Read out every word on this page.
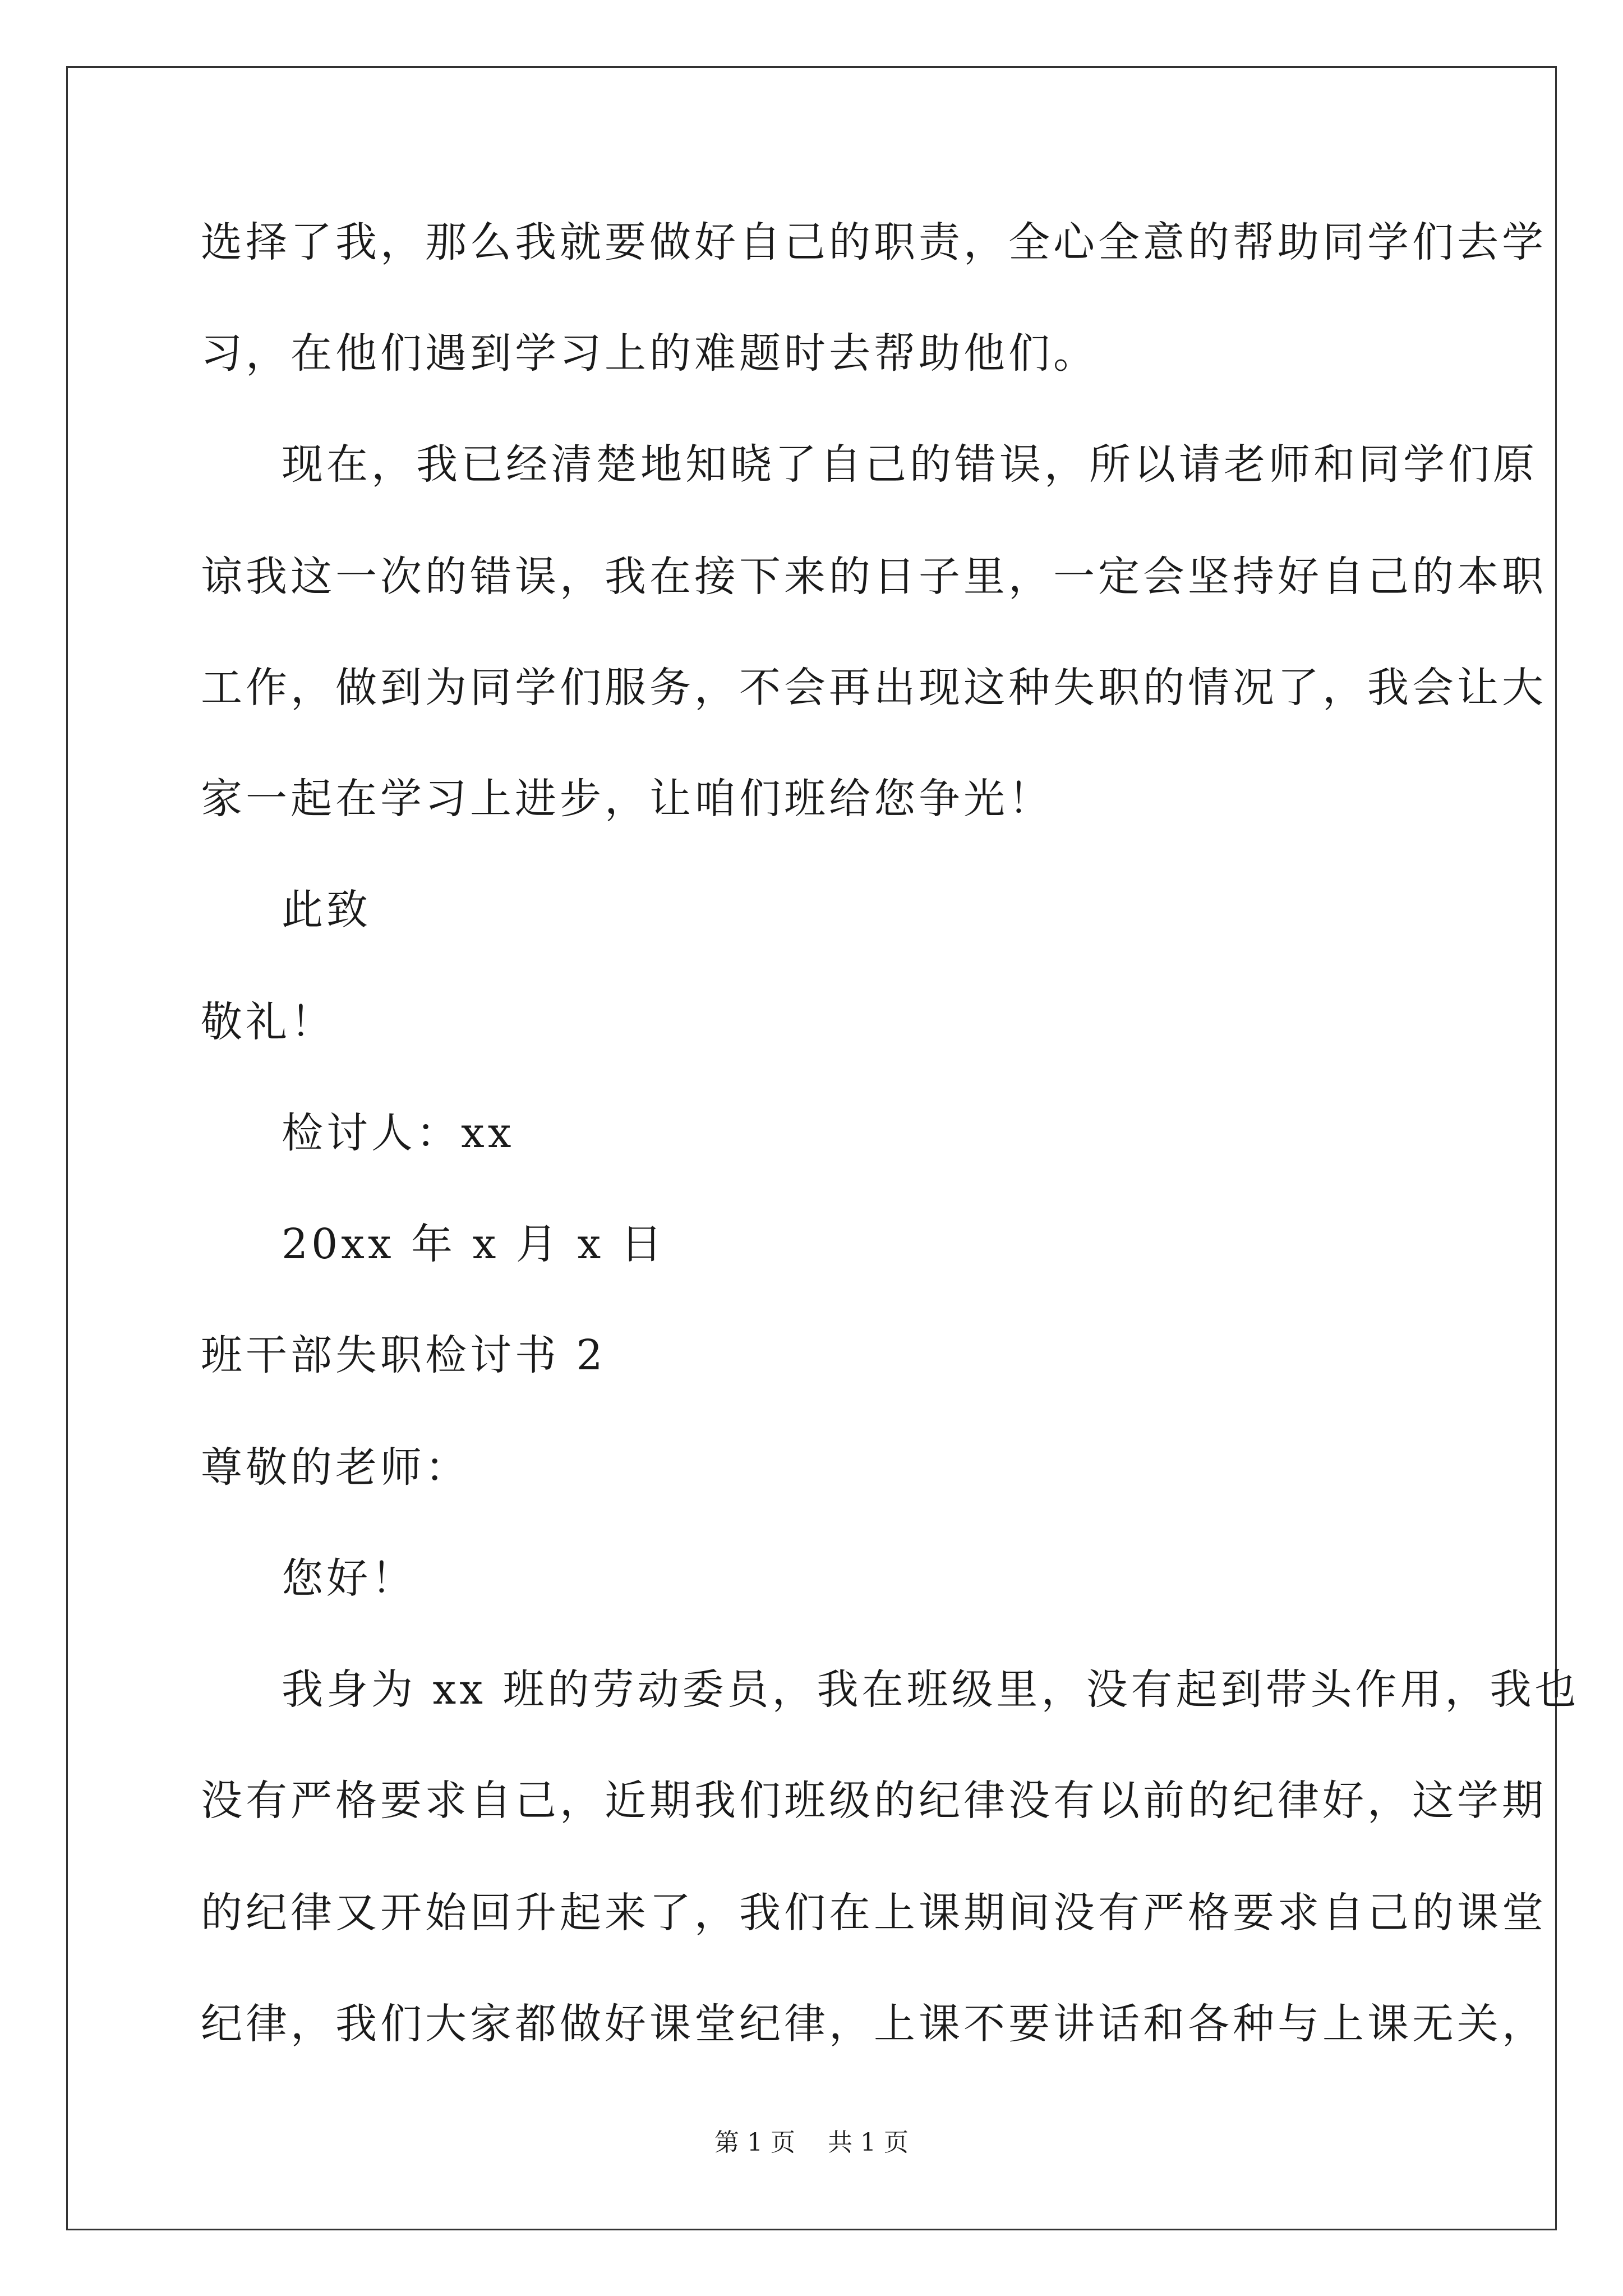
选择了我，那么我就要做好自己的职责，全心全意的帮助同学们去学
习，在他们遇到学习上的难题时去帮助他们。
现在，我已经清楚地知晓了自己的错误，所以请老师和同学们原
谅我这一次的错误，我在接下来的日子里，一定会坚持好自己的本职
工作，做到为同学们服务，不会再出现这种失职的情况了，我会让大
家一起在学习上进步，让咱们班给您争光！
此致
敬礼！
检讨人：xx
20xx 年 x 月 x 日
班干部失职检讨书 2
尊敬的老师：
您好！
我身为 xx 班的劳动委员，我在班级里，没有起到带头作用，我也
没有严格要求自己，近期我们班级的纪律没有以前的纪律好，这学期
的纪律又开始回升起来了，我们在上课期间没有严格要求自己的课堂
纪律，我们大家都做好课堂纪律，上课不要讲话和各种与上课无关，
第 1 页 共 1 页
